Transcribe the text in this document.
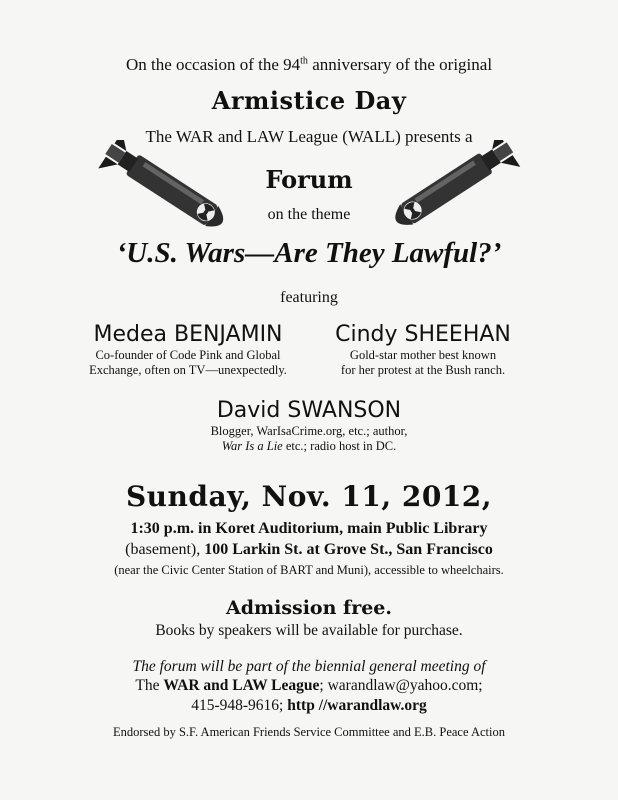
On the occasion of the 94th anniversary of the original
Armistice Day
The WAR and LAW League (WALL) presents a
Forum
on the theme
‘U.S. Wars—Are They Lawful?’
featuring
Medea BENJAMIN
Co-founder of Code Pink and Global
Exchange, often on TV—unexpectedly.
Cindy SHEEHAN
Gold-star mother best known
for her protest at the Bush ranch.
David SWANSON
Blogger, WarIsaCrime.org, etc.; author,
War Is a Lie etc.; radio host in DC.
Sunday, Nov. 11, 2012,
1:30 p.m. in Koret Auditorium, main Public Library
(basement), 100 Larkin St. at Grove St., San Francisco
(near the Civic Center Station of BART and Muni), accessible to wheelchairs.
Admission free.
Books by speakers will be available for purchase.
The forum will be part of the biennial general meeting of
The WAR and LAW League; warandlaw@yahoo.com;
415-948-9616; http //warandlaw.org
Endorsed by S.F. American Friends Service Committee and E.B. Peace Action
